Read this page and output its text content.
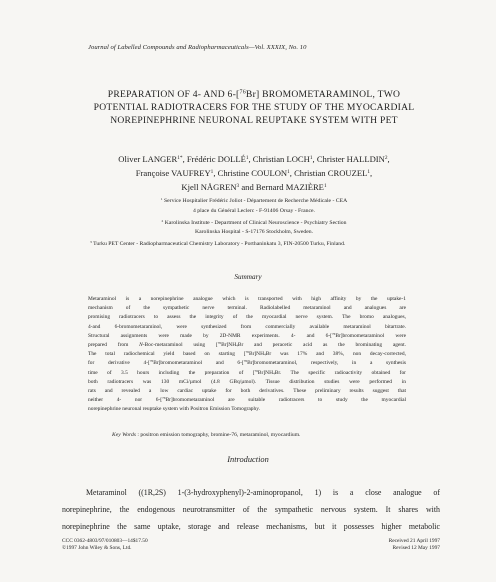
Journal of Labelled Compounds and Radiopharmaceuticals—Vol. XXXIX, No. 10
PREPARATION OF 4- AND 6-[$^{76}$Br] BROMOMETARAMINOL, TWO
POTENTIAL RADIOTRACERS FOR THE STUDY OF THE MYOCARDIAL
NOREPINEPHRINE NEURONAL REUPTAKE SYSTEM WITH PET
Oliver $LANGER^{1*}$, Frédéric DOLLÉ$^1$, Christian LOCH$^1$, Christer HALLDIN$^2$,
Françoise VAUFREY$^1$, Christine COULON$^1$, Christian CROUZEL$^1$,
Kjell NÅGREN$^3$ and Bernard MAZIÈRE$^1$
$^1$ Service Hospitalier Frédéric Joliot - Département de Recherche Médicale - CEA
4 place du Général Leclerc - F-91406 Orsay - France.
$^2$ Karolinska Institute - Department of Clinical Neuroscience - Psychiatry Section
Karolinska Hospital - S-17176 Stockholm, Sweden.
$^3$ Turku PET Center - Radiopharmaceutical Chemistry Laboratory - Porthaninkatu 3, FIN-20500 Turku, Finland.
Summary
Metaraminol is a norepinephrine analogue which is transported with high affinity by the uptake-1
mechanism of the sympathetic nerve terminal. Radiolabelled metaraminol and analogues are
promising radiotracers to assess the integrity of the myocardial nerve system. The bromo analogues,
4-and 6-bromometaraminol, were synthesized from commercially available metaraminol bitartrate.
Structural assignments were made by 2D-NMR experiments. 4- and 6-[$^{76}$Br]bromometaraminol were
prepared from N-Boc-metaraminol using $[^{76}Br]NH_4Br$ and peracetic acid as the brominating agent.
The total radiochemical yield based on starting $[^{76}Br]NH_4Br$ was 17% and 38%, non decay-corrected,
for derivative 4-[$^{76}$Br]bromometaraminol and 6-[$^{76}$Br]bromometaraminol, respectively, in a synthesis
time of 3.5 hours including the preparation of $[^{76}Br]NH_4Br$. The specific radioactivity obtained for
both radiotracers was 130 mCi/µmol (4.8 GBq/µmol). Tissue distribution studies were performed in
rats and revealed a low cardiac uptake for both derivatives. These preliminary results suggest that
neither 4- nor 6-[$^{76}$Br]bromometaraminol are suitable radiotracers to study the myocardial
norepinephrine neuronal reuptake system with Positron Emission Tomography.
Key Words : positron emission tomography, bromine-76, metaraminol, myocardium.
Introduction
Metaraminol ((1R,2S) 1-(3-hydroxyphenyl)-2-aminopropanol, 1) is a close analogue of
norepinephrine, the endogenous neurotransmitter of the sympathetic nervous system. It shares with
norepinephrine the same uptake, storage and release mechanisms, but it possesses higher metabolic
CCC 0362-4803/97/010803—14$17.50
©1997 John Wiley & Sons, Ltd.
Received 21 April 1997
Revised 12 May 1997
